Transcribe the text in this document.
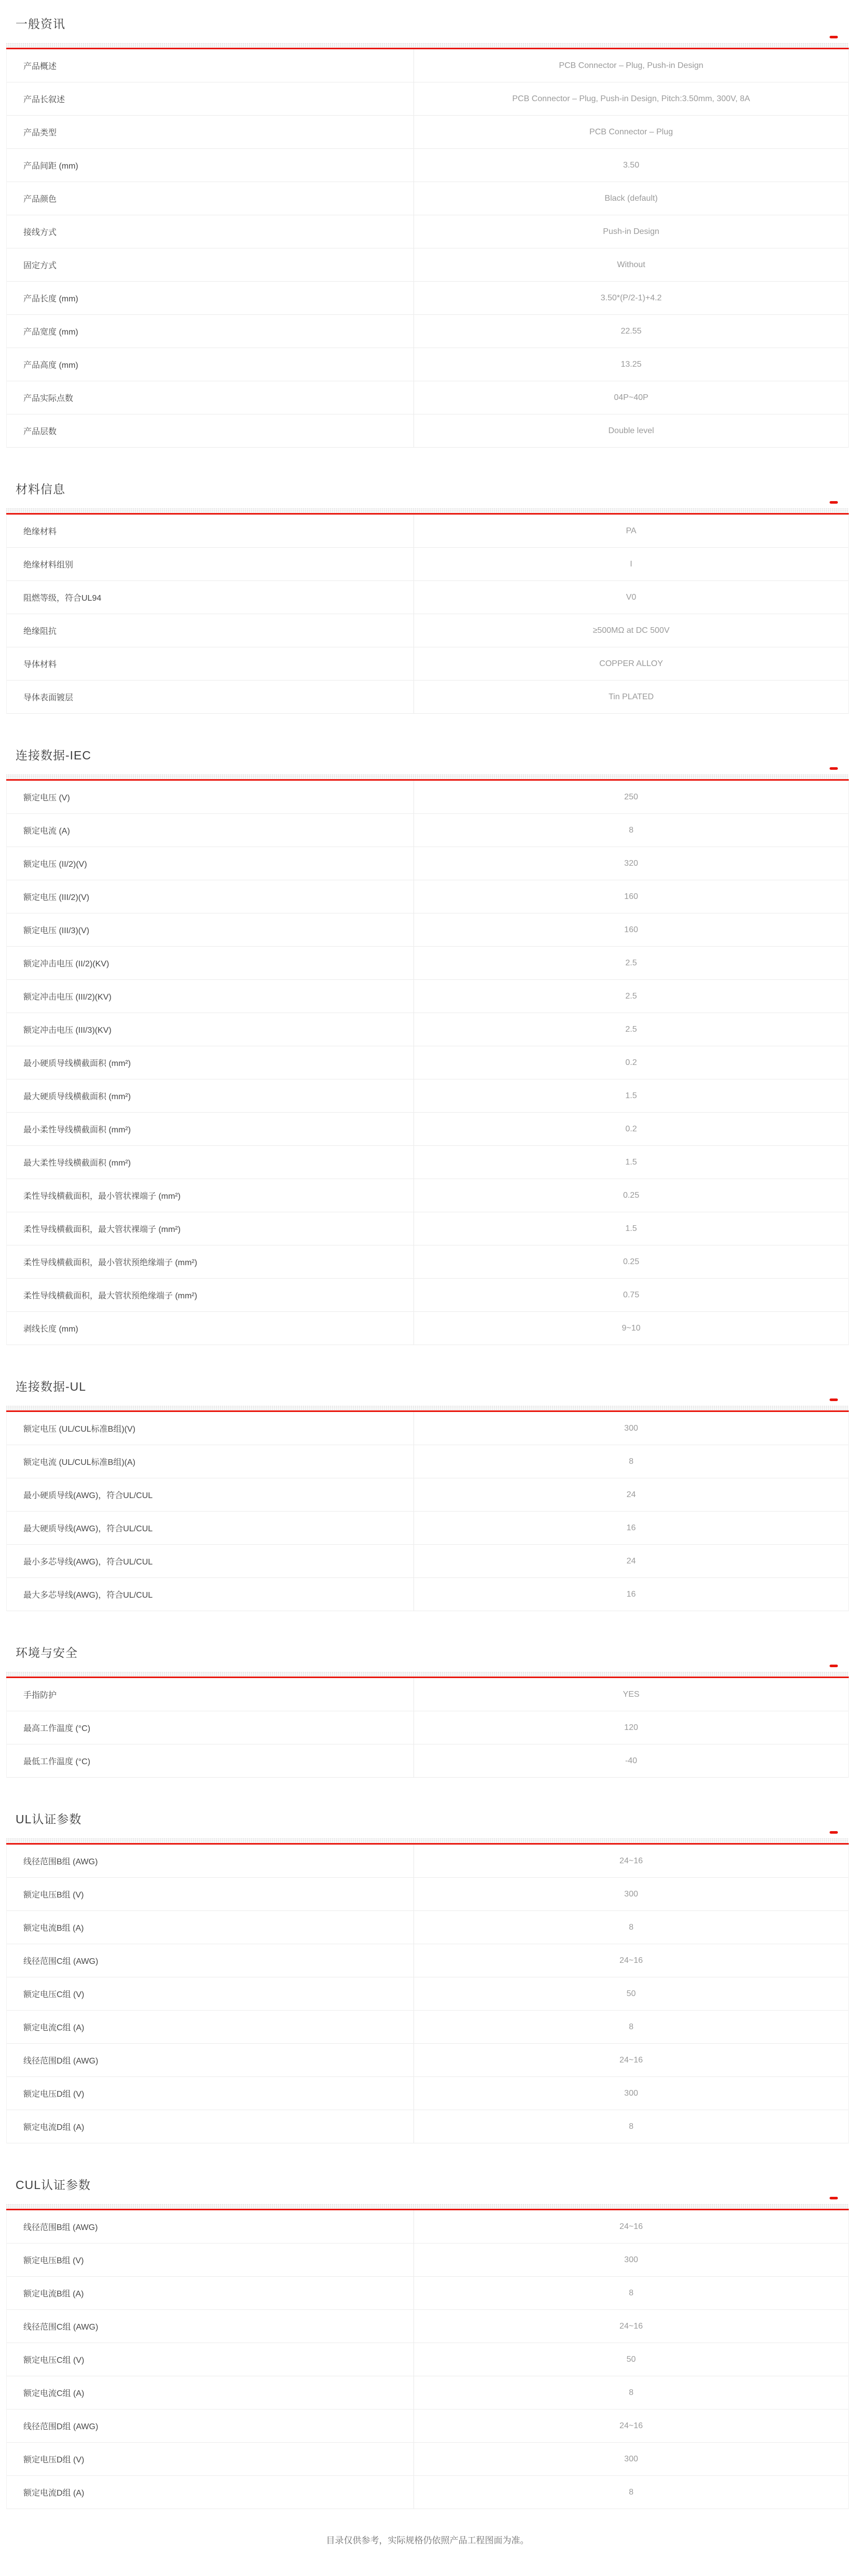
一般资讯
产品概述	PCB Connector – Plug, Push-in Design
产品长叙述	PCB Connector – Plug, Push-in Design, Pitch:3.50mm, 300V, 8A
产品类型	PCB Connector – Plug
产品间距 (mm)	3.50
产品颜色	Black (default)
接线方式	Push-in Design
固定方式	Without
产品长度 (mm)	3.50*(P/2-1)+4.2
产品宽度 (mm)	22.55
产品高度 (mm)	13.25
产品实际点数	04P~40P
产品层数	Double level
材料信息
绝缘材料	PA
绝缘材料组别	I
阻燃等级，符合UL94	V0
绝缘阻抗	≥500MΩ at DC 500V
导体材料	COPPER ALLOY
导体表面镀层	Tin PLATED
连接数据-IEC
额定电压 (V)	250
额定电流 (A)	8
额定电压 (II/2)(V)	320
额定电压 (III/2)(V)	160
额定电压 (III/3)(V)	160
额定冲击电压 (II/2)(KV)	2.5
额定冲击电压 (III/2)(KV)	2.5
额定冲击电压 (III/3)(KV)	2.5
最小硬质导线横截面积 (mm²)	0.2
最大硬质导线横截面积 (mm²)	1.5
最小柔性导线横截面积 (mm²)	0.2
最大柔性导线横截面积 (mm²)	1.5
柔性导线横截面积，最小管状裸端子 (mm²)	0.25
柔性导线横截面积，最大管状裸端子 (mm²)	1.5
柔性导线横截面积，最小管状预绝缘端子 (mm²)	0.25
柔性导线横截面积，最大管状预绝缘端子 (mm²)	0.75
剥线长度 (mm)	9~10
连接数据-UL
额定电压 (UL/CUL标准B组)(V)	300
额定电流 (UL/CUL标准B组)(A)	8
最小硬质导线(AWG)，符合UL/CUL	24
最大硬质导线(AWG)，符合UL/CUL	16
最小多芯导线(AWG)，符合UL/CUL	24
最大多芯导线(AWG)，符合UL/CUL	16
环境与安全
手指防护	YES
最高工作温度 (°C)	120
最低工作温度 (°C)	-40
UL认证参数
线径范围B组 (AWG)	24~16
额定电压B组 (V)	300
额定电流B组 (A)	8
线径范围C组 (AWG)	24~16
额定电压C组 (V)	50
额定电流C组 (A)	8
线径范围D组 (AWG)	24~16
额定电压D组 (V)	300
额定电流D组 (A)	8
CUL认证参数
线径范围B组 (AWG)	24~16
额定电压B组 (V)	300
额定电流B组 (A)	8
线径范围C组 (AWG)	24~16
额定电压C组 (V)	50
额定电流C组 (A)	8
线径范围D组 (AWG)	24~16
额定电压D组 (V)	300
额定电流D组 (A)	8

目录仅供参考，实际规格仍依照产品工程图面为准。
